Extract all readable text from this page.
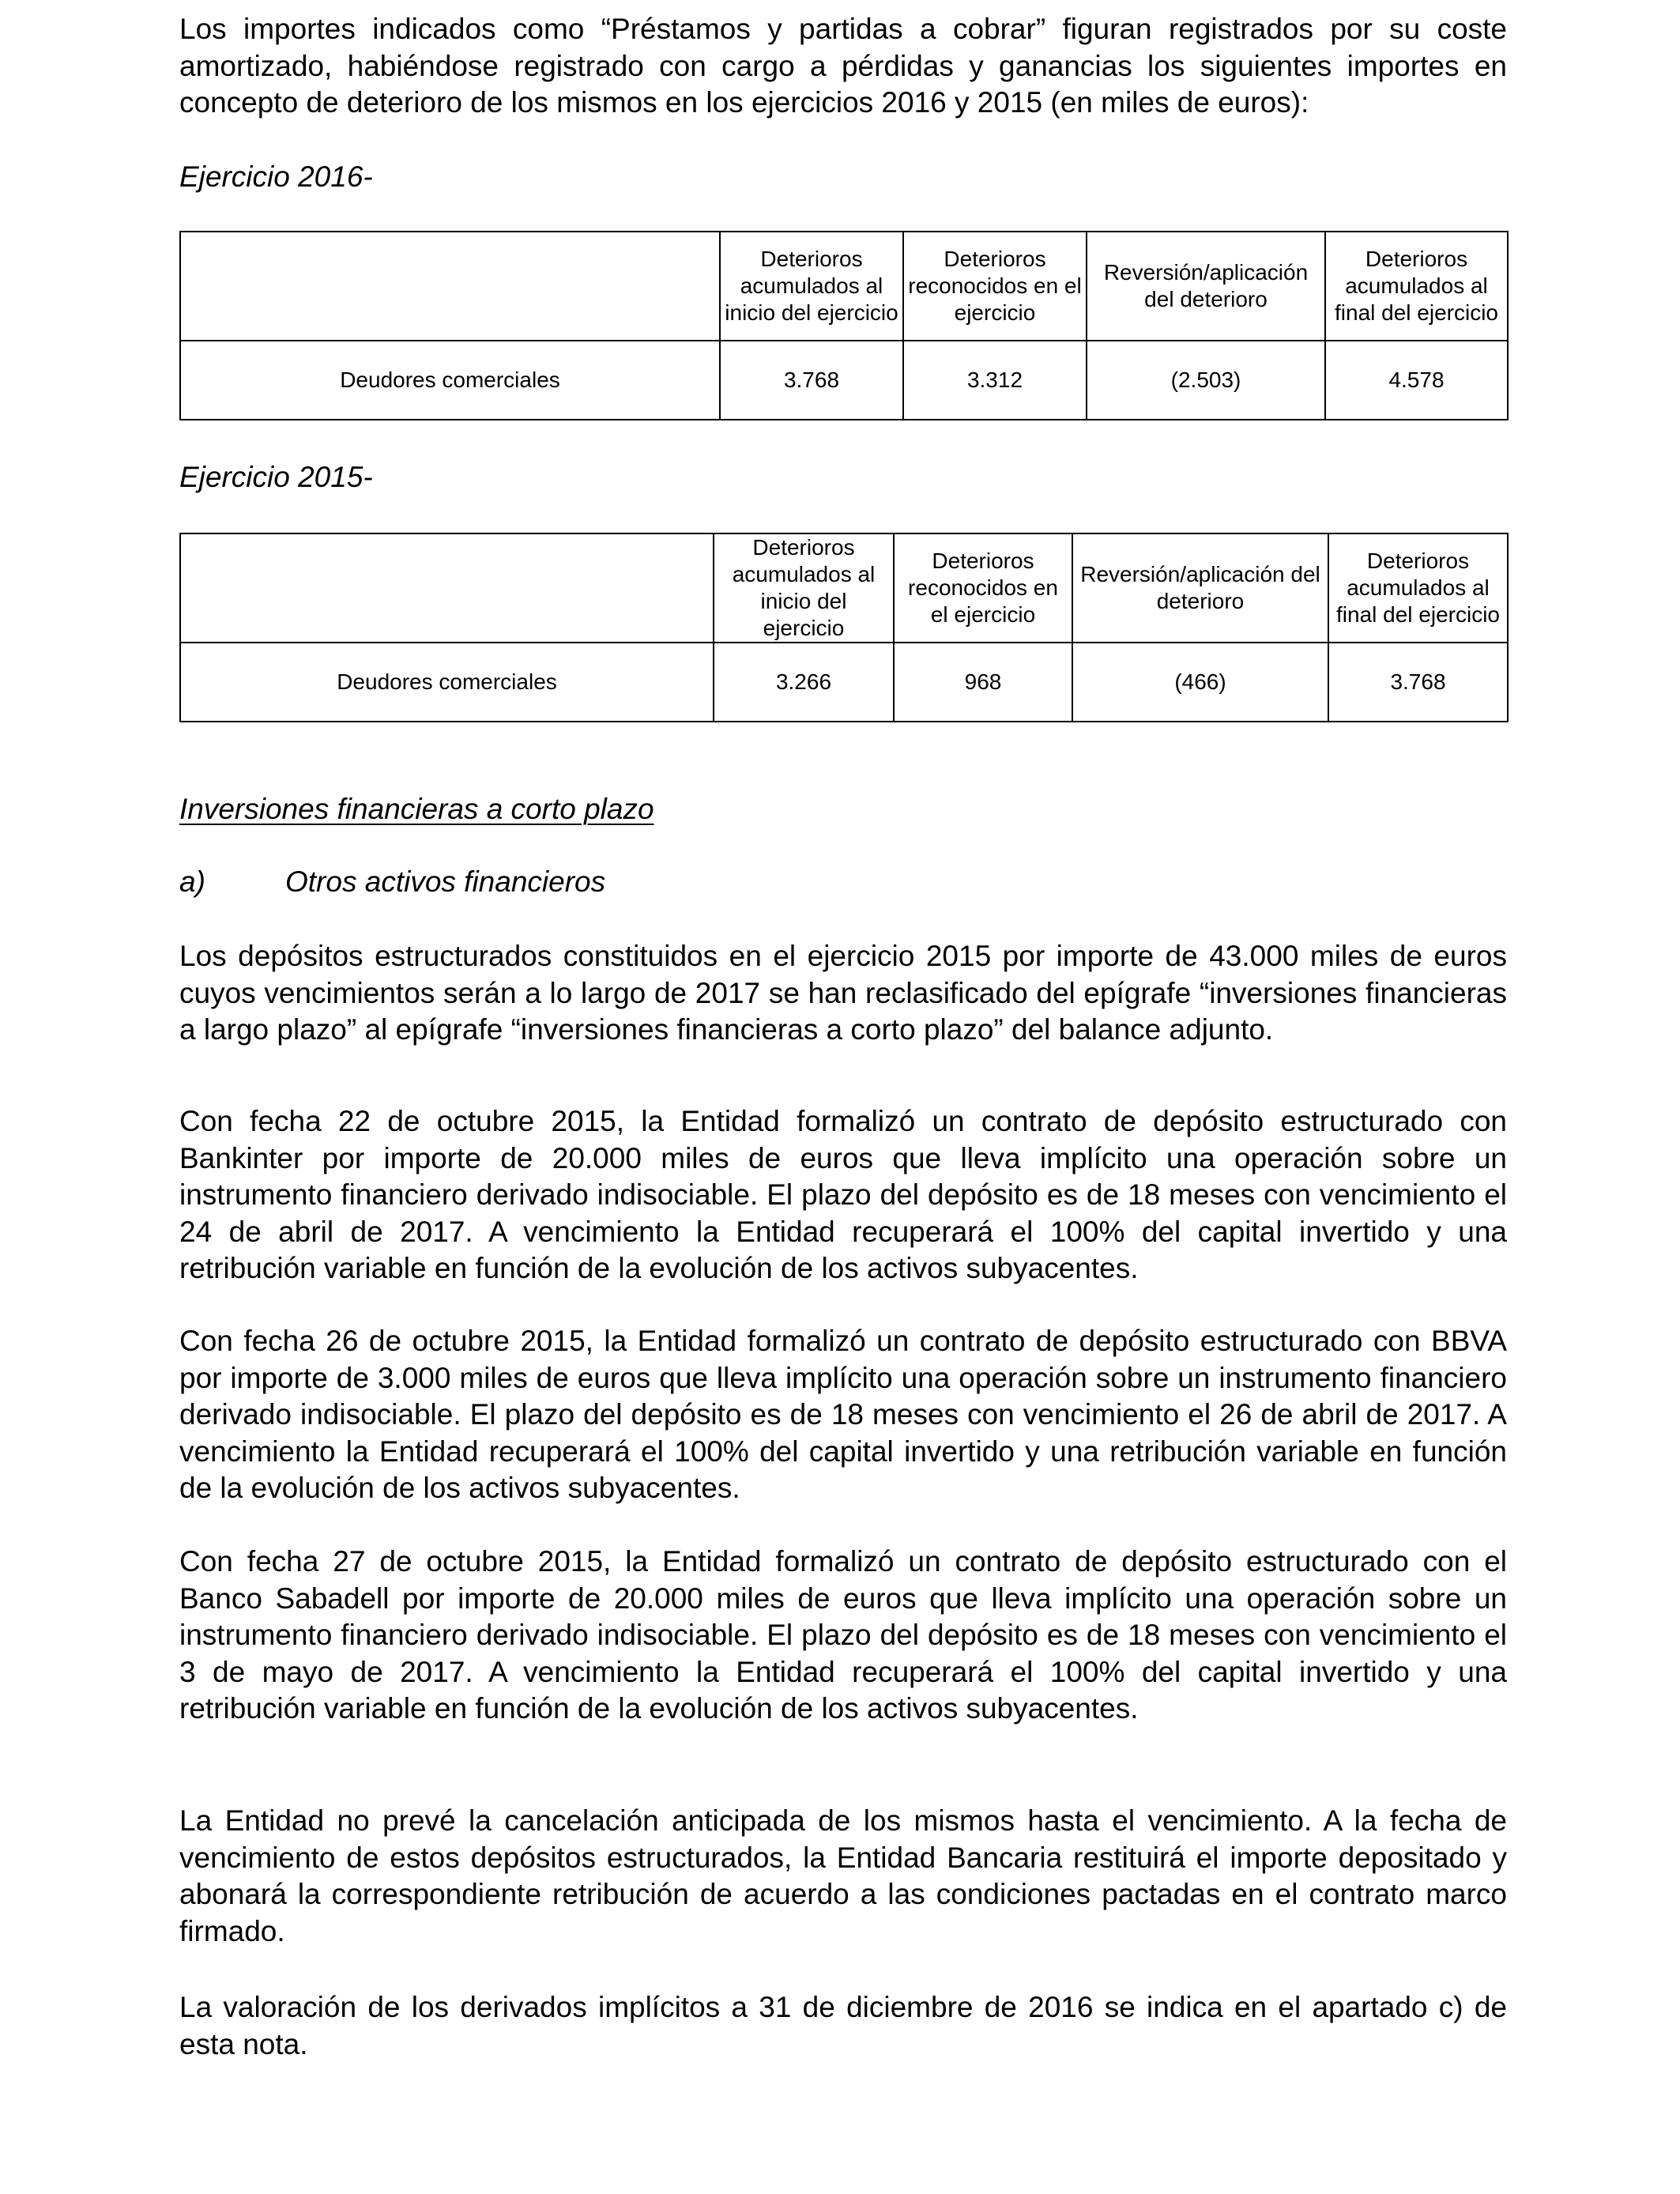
Los importes indicados como “Préstamos y partidas a cobrar” figuran registrados por su coste amortizado, habiéndose registrado con cargo a pérdidas y ganancias los siguientes importes en concepto de deterioro de los mismos en los ejercicios 2016 y 2015 (en miles de euros):

Ejercicio 2016-

	Deterioros acumulados al inicio del ejercicio	Deterioros reconocidos en el ejercicio	Reversión/aplicación del deterioro	Deterioros acumulados al final del ejercicio
Deudores comerciales	3.768	3.312	(2.503)	4.578

Ejercicio 2015-

	Deterioros acumulados al inicio del ejercicio	Deterioros reconocidos en el ejercicio	Reversión/aplicación del deterioro	Deterioros acumulados al final del ejercicio
Deudores comerciales	3.266	968	(466)	3.768

Inversiones financieras a corto plazo

a)	Otros activos financieros

Los depósitos estructurados constituidos en el ejercicio 2015 por importe de 43.000 miles de euros cuyos vencimientos serán a lo largo de 2017 se han reclasificado del epígrafe “inversiones financieras a largo plazo” al epígrafe “inversiones financieras a corto plazo” del balance adjunto.

Con fecha 22 de octubre 2015, la Entidad formalizó un contrato de depósito estructurado con Bankinter por importe de 20.000 miles de euros que lleva implícito una operación sobre un instrumento financiero derivado indisociable. El plazo del depósito es de 18 meses con vencimiento el 24 de abril de 2017. A vencimiento la Entidad recuperará el 100% del capital invertido y una retribución variable en función de la evolución de los activos subyacentes.

Con fecha 26 de octubre 2015, la Entidad formalizó un contrato de depósito estructurado con BBVA por importe de 3.000 miles de euros que lleva implícito una operación sobre un instrumento financiero derivado indisociable. El plazo del depósito es de 18 meses con vencimiento el 26 de abril de 2017. A vencimiento la Entidad recuperará el 100% del capital invertido y una retribución variable en función de la evolución de los activos subyacentes.

Con fecha 27 de octubre 2015, la Entidad formalizó un contrato de depósito estructurado con el Banco Sabadell por importe de 20.000 miles de euros que lleva implícito una operación sobre un instrumento financiero derivado indisociable. El plazo del depósito es de 18 meses con vencimiento el 3 de mayo de 2017. A vencimiento la Entidad recuperará el 100% del capital invertido y una retribución variable en función de la evolución de los activos subyacentes.

La Entidad no prevé la cancelación anticipada de los mismos hasta el vencimiento. A la fecha de vencimiento de estos depósitos estructurados, la Entidad Bancaria restituirá el importe depositado y abonará la correspondiente retribución de acuerdo a las condiciones pactadas en el contrato marco firmado.

La valoración de los derivados implícitos a 31 de diciembre de 2016 se indica en el apartado c) de esta nota.
